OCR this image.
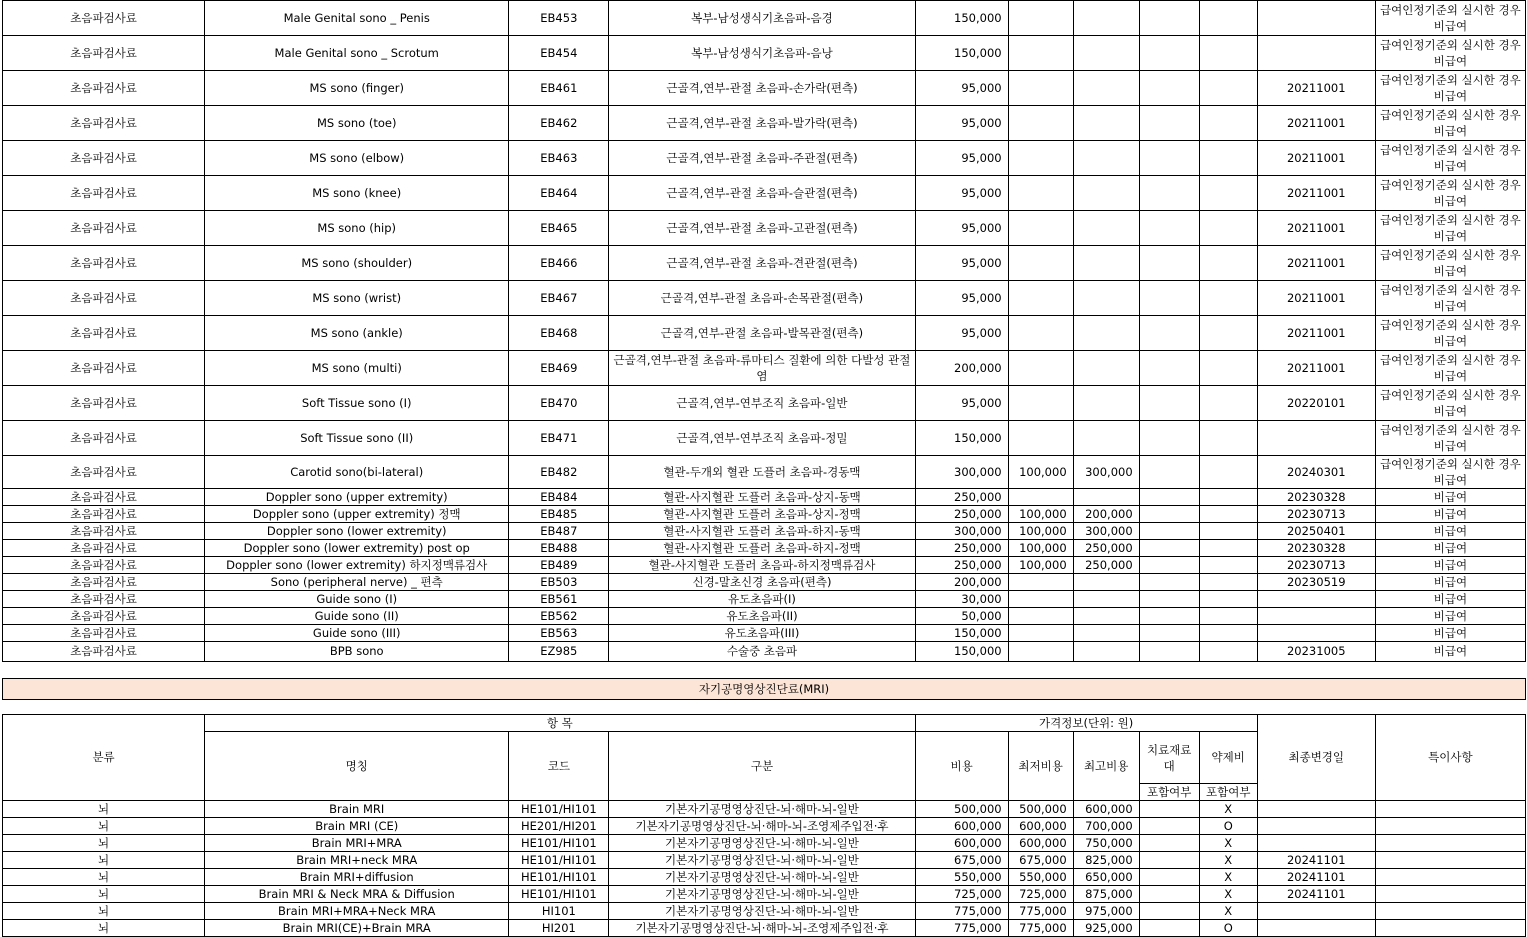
초음파검사료	Male Genital sono _ Penis	EB453	복부-남성생식기초음파-음경	150,000						급여인정기준외 실시한 경우 비급여
초음파검사료	Male Genital sono _ Scrotum	EB454	복부-남성생식기초음파-음낭	150,000						급여인정기준외 실시한 경우 비급여
초음파검사료	MS sono (finger)	EB461	근골격,연부-관절 초음파-손가락(편측)	95,000					20211001	급여인정기준외 실시한 경우 비급여
초음파검사료	MS sono (toe)	EB462	근골격,연부-관절 초음파-발가락(편측)	95,000					20211001	급여인정기준외 실시한 경우 비급여
초음파검사료	MS sono (elbow)	EB463	근골격,연부-관절 초음파-주관절(편측)	95,000					20211001	급여인정기준외 실시한 경우 비급여
초음파검사료	MS sono (knee)	EB464	근골격,연부-관절 초음파-슬관절(편측)	95,000					20211001	급여인정기준외 실시한 경우 비급여
초음파검사료	MS sono (hip)	EB465	근골격,연부-관절 초음파-고관절(편측)	95,000					20211001	급여인정기준외 실시한 경우 비급여
초음파검사료	MS sono (shoulder)	EB466	근골격,연부-관절 초음파-견관절(편측)	95,000					20211001	급여인정기준외 실시한 경우 비급여
초음파검사료	MS sono (wrist)	EB467	근골격,연부-관절 초음파-손목관절(편측)	95,000					20211001	급여인정기준외 실시한 경우 비급여
초음파검사료	MS sono (ankle)	EB468	근골격,연부-관절 초음파-발목관절(편측)	95,000					20211001	급여인정기준외 실시한 경우 비급여
초음파검사료	MS sono (multi)	EB469	근골격,연부-관절 초음파-류마티스 질환에 의한 다발성 관절염	200,000					20211001	급여인정기준외 실시한 경우 비급여
초음파검사료	Soft Tissue sono (I)	EB470	근골격,연부-연부조직 초음파-일반	95,000					20220101	급여인정기준외 실시한 경우 비급여
초음파검사료	Soft Tissue sono (II)	EB471	근골격,연부-연부조직 초음파-정밀	150,000						급여인정기준외 실시한 경우 비급여
초음파검사료	Carotid sono(bi-lateral)	EB482	혈관-두개외 혈관 도플러 초음파-경동맥	300,000	100,000	300,000			20240301	급여인정기준외 실시한 경우 비급여
초음파검사료	Doppler sono (upper extremity)	EB484	혈관-사지혈관 도플러 초음파-상지-동맥	250,000					20230328	비급여
초음파검사료	Doppler sono (upper extremity) 정맥	EB485	혈관-사지혈관 도플러 초음파-상지-정맥	250,000	100,000	200,000			20230713	비급여
초음파검사료	Doppler sono (lower extremity)	EB487	혈관-사지혈관 도플러 초음파-하지-동맥	300,000	100,000	300,000			20250401	비급여
초음파검사료	Doppler sono (lower extremity) post op	EB488	혈관-사지혈관 도플러 초음파-하지-정맥	250,000	100,000	250,000			20230328	비급여
초음파검사료	Doppler sono (lower extremity) 하지정맥류검사	EB489	혈관-사지혈관 도플러 초음파-하지정맥류검사	250,000	100,000	250,000			20230713	비급여
초음파검사료	Sono (peripheral nerve) _ 편측	EB503	신경-말초신경 초음파(편측)	200,000					20230519	비급여
초음파검사료	Guide sono (I)	EB561	유도초음파(I)	30,000						비급여
초음파검사료	Guide sono (II)	EB562	유도초음파(II)	50,000						비급여
초음파검사료	Guide sono (III)	EB563	유도초음파(III)	150,000						비급여
초음파검사료	BPB sono	EZ985	수술중 초음파	150,000					20231005	비급여

자기공명영상진단료(MRI)										

분류	항 목			가격정보(단위: 원)					최종변경일	특이사항
	명칭	코드	구분	비용	최저비용	최고비용	치료재료대	약제비		
							포함여부	포함여부		
뇌	Brain MRI	HE101/HI101	기본자기공명영상진단-뇌·해마-뇌-일반	500,000	500,000	600,000		X		
뇌	Brain MRI (CE)	HE201/HI201	기본자기공명영상진단-뇌·해마-뇌-조영제주입전·후	600,000	600,000	700,000		O		
뇌	Brain MRI+MRA	HE101/HI101	기본자기공명영상진단-뇌·해마-뇌-일반	600,000	600,000	750,000		X		
뇌	Brain MRI+neck MRA	HE101/HI101	기본자기공명영상진단-뇌·해마-뇌-일반	675,000	675,000	825,000		X	20241101	
뇌	Brain MRI+diffusion	HE101/HI101	기본자기공명영상진단-뇌·해마-뇌-일반	550,000	550,000	650,000		X	20241101	
뇌	Brain MRI & Neck MRA & Diffusion	HE101/HI101	기본자기공명영상진단-뇌·해마-뇌-일반	725,000	725,000	875,000		X	20241101	
뇌	Brain MRI+MRA+Neck MRA	HI101	기본자기공명영상진단-뇌·해마-뇌-일반	775,000	775,000	975,000		X		
뇌	Brain MRI(CE)+Brain MRA	HI201	기본자기공명영상진단-뇌·해마-뇌-조영제주입전·후	775,000	775,000	925,000		O		
